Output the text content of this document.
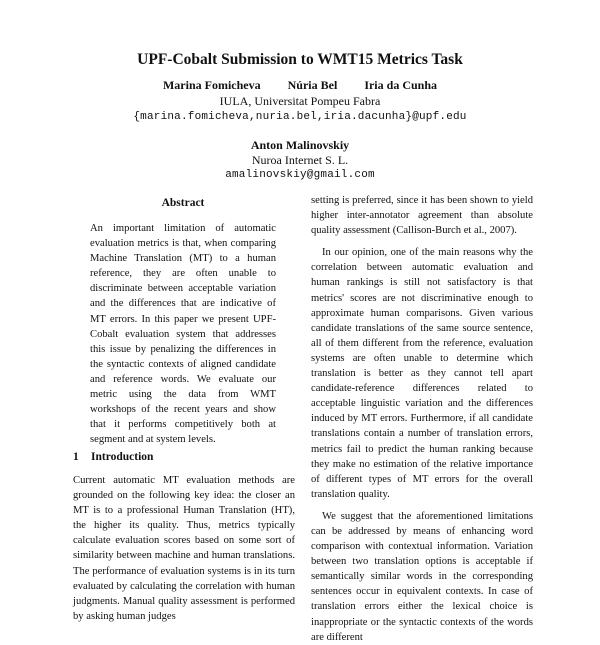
UPF-Cobalt Submission to WMT15 Metrics Task
Marina Fomicheva Núria Bel Iria da Cunha
IULA, Universitat Pompeu Fabra
{marina.fomicheva,nuria.bel,iria.dacunha}@upf.edu
Anton Malinovskiy
Nuroa Internet S. L.
amalinovskiy@gmail.com
Abstract
An important limitation of automatic evaluation metrics is that, when comparing Machine Translation (MT) to a human reference, they are often unable to discriminate between acceptable variation and the differences that are indicative of MT errors. In this paper we present UPF-Cobalt evaluation system that addresses this issue by penalizing the differences in the syntactic contexts of aligned candidate and reference words. We evaluate our metric using the data from WMT workshops of the recent years and show that it performs competitively both at segment and at system levels.
1 Introduction

Current automatic MT evaluation methods are grounded on the following key idea: the closer an MT is to a professional Human Translation (HT), the higher its quality. Thus, metrics typically calculate evaluation scores based on some sort of similarity between machine and human translations. The performance of evaluation systems is in its turn evaluated by calculating the correlation with human judgments. Manual quality assessment is performed by asking human judges

setting is preferred, since it has been shown to yield higher inter-annotator agreement than absolute quality assessment (Callison-Burch et al., 2007).

In our opinion, one of the main reasons why the correlation between automatic evaluation and human rankings is still not satisfactory is that metrics' scores are not discriminative enough to approximate human comparisons. Given various candidate translations of the same source sentence, all of them different from the reference, evaluation systems are often unable to determine which translation is better as they cannot tell apart candidate-reference differences related to acceptable linguistic variation and the differences induced by MT errors. Furthermore, if all candidate translations contain a number of translation errors, metrics fail to predict the human ranking because they make no estimation of the relative importance of different types of MT errors for the overall translation quality.

We suggest that the aforementioned limitations can be addressed by means of enhancing word comparison with contextual information. Variation between two translation options is acceptable if semantically similar words in the corresponding sentences occur in equivalent contexts. In case of translation errors either the lexical choice is inappropriate or the syntactic contexts of the words are different
